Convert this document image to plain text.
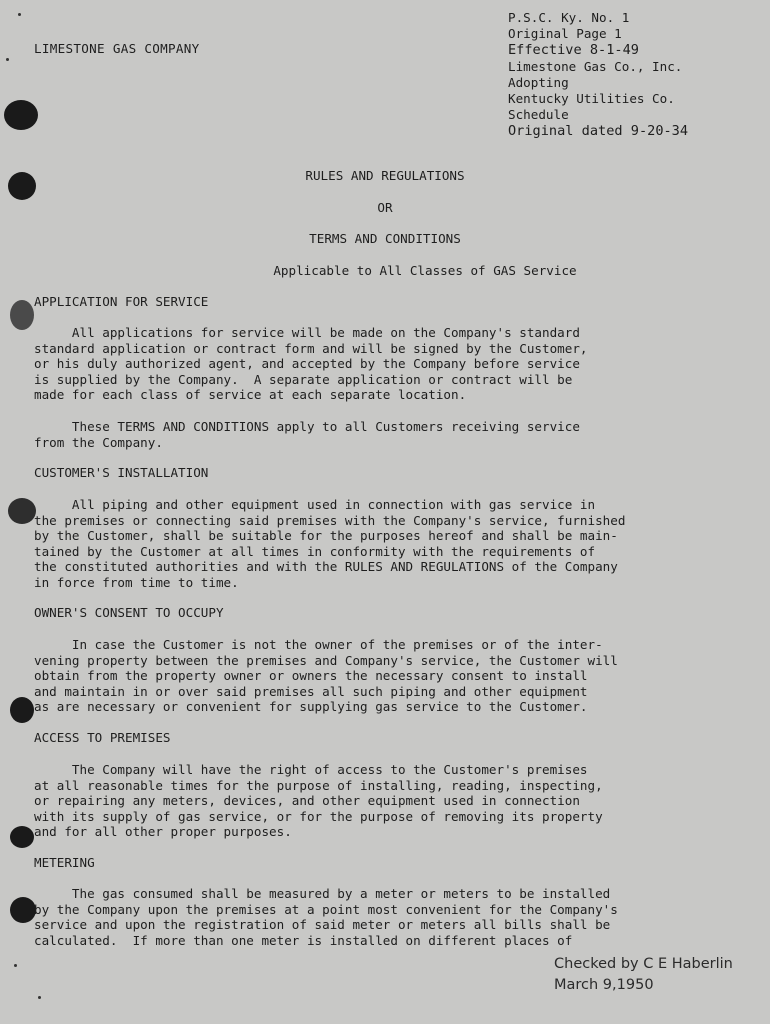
LIMESTONE GAS COMPANY
P.S.C. Ky. No. 1
Original Page 1
Effective 8-1-49
Limestone Gas Co., Inc.
Adopting
Kentucky Utilities Co.
Schedule
Original dated 9-20-34
RULES AND REGULATIONS
OR
TERMS AND CONDITIONS
Applicable to All Classes of GAS Service
APPLICATION FOR SERVICE
All applications for service will be made on the Company's standard
standard application or contract form and will be signed by the Customer,
or his duly authorized agent, and accepted by the Company before service
is supplied by the Company.  A separate application or contract will be
made for each class of service at each separate location.
These TERMS AND CONDITIONS apply to all Customers receiving service
from the Company.
CUSTOMER'S INSTALLATION
All piping and other equipment used in connection with gas service in
the premises or connecting said premises with the Company's service, furnished
by the Customer, shall be suitable for the purposes hereof and shall be main-
tained by the Customer at all times in conformity with the requirements of
the constituted authorities and with the RULES AND REGULATIONS of the Company
in force from time to time.
OWNER'S CONSENT TO OCCUPY
In case the Customer is not the owner of the premises or of the inter-
vening property between the premises and Company's service, the Customer will
obtain from the property owner or owners the necessary consent to install
and maintain in or over said premises all such piping and other equipment
as are necessary or convenient for supplying gas service to the Customer.
ACCESS TO PREMISES
The Company will have the right of access to the Customer's premises
at all reasonable times for the purpose of installing, reading, inspecting,
or repairing any meters, devices, and other equipment used in connection
with its supply of gas service, or for the purpose of removing its property
and for all other proper purposes.
METERING
The gas consumed shall be measured by a meter or meters to be installed
by the Company upon the premises at a point most convenient for the Company's
service and upon the registration of said meter or meters all bills shall be
calculated.  If more than one meter is installed on different places of
Checked by C E Haberlin
March 9,1950
